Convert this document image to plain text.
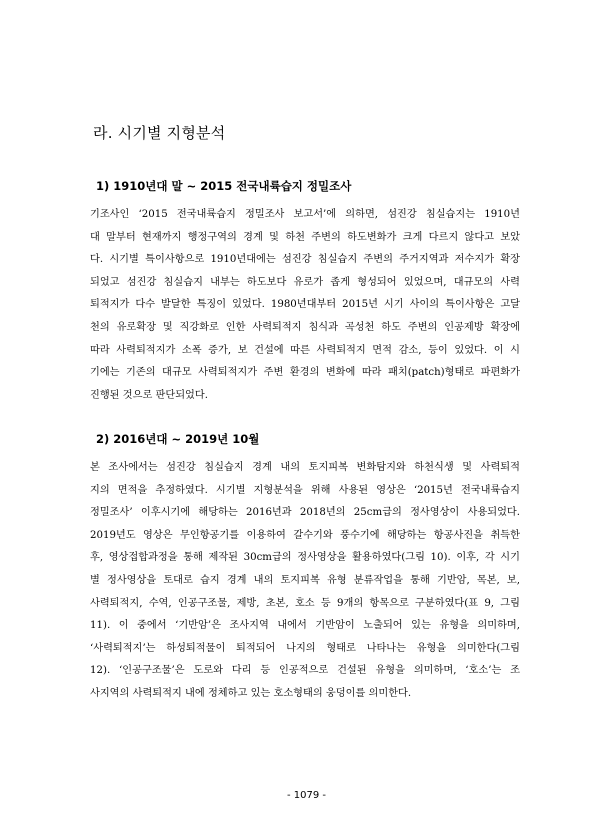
라. 시기별 지형분석
1) 1910년대 말 ~ 2015 전국내륙습지 정밀조사
기조사인 ‘2015 전국내륙습지 정밀조사 보고서’에 의하면, 섬진강 침실습지는 1910년
대 말부터 현재까지 행정구역의 경계 및 하천 주변의 하도변화가 크게 다르지 않다고 보았
다. 시기별 특이사항으로 1910년대에는 섬진강 침실습지 주변의 주거지역과 저수지가 확장
되었고 섬진강 침실습지 내부는 하도보다 유로가 좁게 형성되어 있었으며, 대규모의 사력
퇴적지가 다수 발달한 특징이 있었다. 1980년대부터 2015년 시기 사이의 특이사항은 고달
천의 유로확장 및 직강화로 인한 사력퇴적지 침식과 곡성천 하도 주변의 인공제방 확장에
따라 사력퇴적지가 소폭 증가, 보 건설에 따른 사력퇴적지 면적 감소, 등이 있었다. 이 시
기에는 기존의 대규모 사력퇴적지가 주변 환경의 변화에 따라 패치(patch)형태로 파편화가
진행된 것으로 판단되었다.
2) 2016년대 ~ 2019년 10월
본 조사에서는 섬진강 침실습지 경계 내의 토지피복 변화탐지와 하천식생 및 사력퇴적
지의 면적을 추정하였다. 시기별 지형분석을 위해 사용된 영상은 ‘2015년 전국내륙습지
정밀조사’ 이후시기에 해당하는 2016년과 2018년의 25cm급의 정사영상이 사용되었다.
2019년도 영상은 무인항공기를 이용하여 갈수기와 풍수기에 해당하는 항공사진을 취득한
후, 영상접합과정을 통해 제작된 30cm급의 정사영상을 활용하였다(그림 10). 이후, 각 시기
별 정사영상을 토대로 습지 경계 내의 토지피복 유형 분류작업을 통해 기반암, 목본, 보,
사력퇴적지, 수역, 인공구조물, 제방, 초본, 호소 등 9개의 항목으로 구분하였다(표 9, 그림
11). 이 중에서 ‘기반암’은 조사지역 내에서 기반암이 노출되어 있는 유형을 의미하며,
‘사력퇴적지’는 하성퇴적물이 퇴적되어 나지의 형태로 나타나는 유형을 의미한다(그림
12). ‘인공구조물’은 도로와 다리 등 인공적으로 건설된 유형을 의미하며, ‘호소’는 조
사지역의 사력퇴적지 내에 정체하고 있는 호소형태의 웅덩이를 의미한다.
- 1079 -
